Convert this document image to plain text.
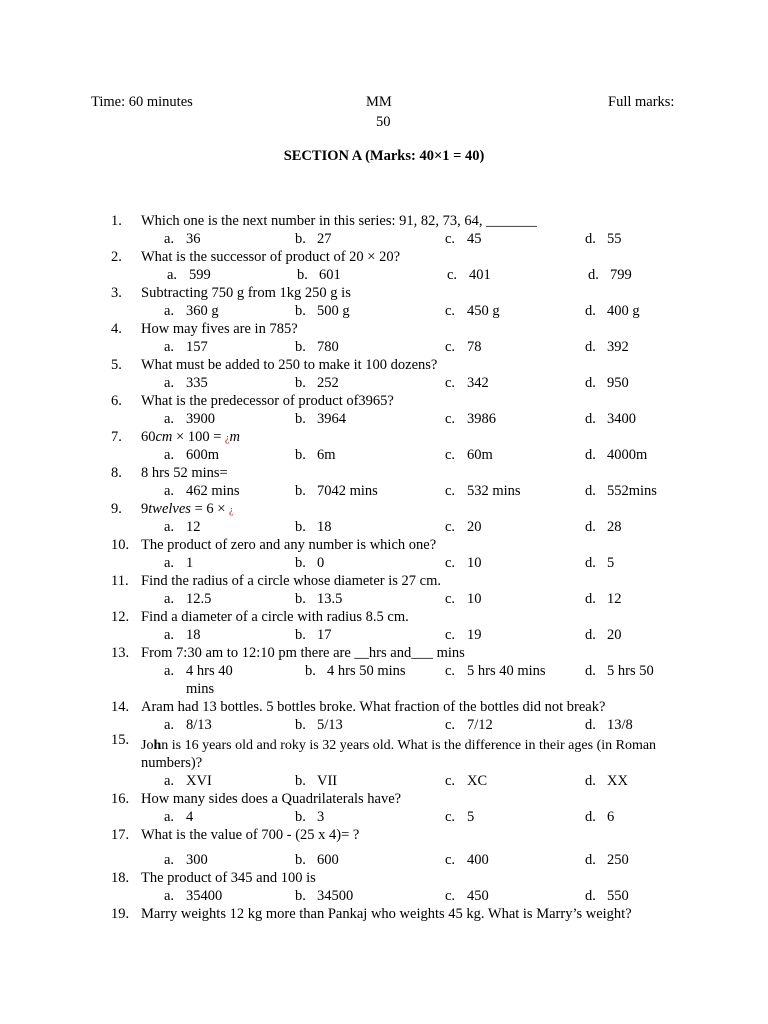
Time: 60 minutes	MM
50
Full marks:
SECTION A (Marks: 40×1 = 40)
1.	Which one is the next number in this series: 91, 82, 73, 64, _______
a. 36	b. 27	c. 45	d. 55
2.	What is the successor of product of 20 × 20?
a. 599	b. 601	c. 401	d. 799
3.	Subtracting 750 g from 1kg 250 g is
a. 360 g	b. 500 g	c. 450 g	d. 400 g
4.	How may fives are in 785?
a. 157	b. 780	c. 78	d. 392
5.	What must be added to 250 to make it 100 dozens?
a. 335	b. 252	c. 342	d. 950
6.	What is the predecessor of product of3965?
a. 3900	b. 3964	c. 3986	d. 3400
7.	60cm × 100 = ¿m
a. 600m	b. 6m	c. 60m	d. 4000m
8.	8 hrs 52 mins=
a. 462 mins	b. 7042 mins	c. 532 mins	d. 552mins
9.	9twelves = 6 × ¿
a. 12	b. 18	c. 20	d. 28
10. The product of zero and any number is which one?
a. 1	b. 0	c. 10	d. 5
11. Find the radius of a circle whose diameter is 27 cm.
a. 12.5	b. 13.5	c. 10	d. 12
12. Find a diameter of a circle with radius 8.5 cm.
a. 18	b. 17	c. 19	d. 20
13. From 7:30 am to 12:10 pm there are __hrs and___ mins
a. 4 hrs 40	b. 4 hrs 50 mins	c. 5 hrs 40 mins	d. 5 hrs 50
mins
14. Aram had 13 bottles. 5 bottles broke. What fraction of the bottles did not break?
a. 8/13	b. 5/13	c. 7/12	d. 13/8
15. John is 16 years old and roky is 32 years old. What is the difference in their ages (in Roman
numbers)?
a. XVI	b. VII	c. XC	d. XX
16. How many sides does a Quadrilaterals have?
a. 4	b. 3	c. 5	d. 6
17. What is the value of 700 - (25 x 4)= ?
a. 300	b. 600	c. 400	d. 250
18. The product of 345 and 100 is
a. 35400	b. 34500	c. 450	d. 550
19. Marry weights 12 kg more than Pankaj who weights 45 kg. What is Marry’s weight?
